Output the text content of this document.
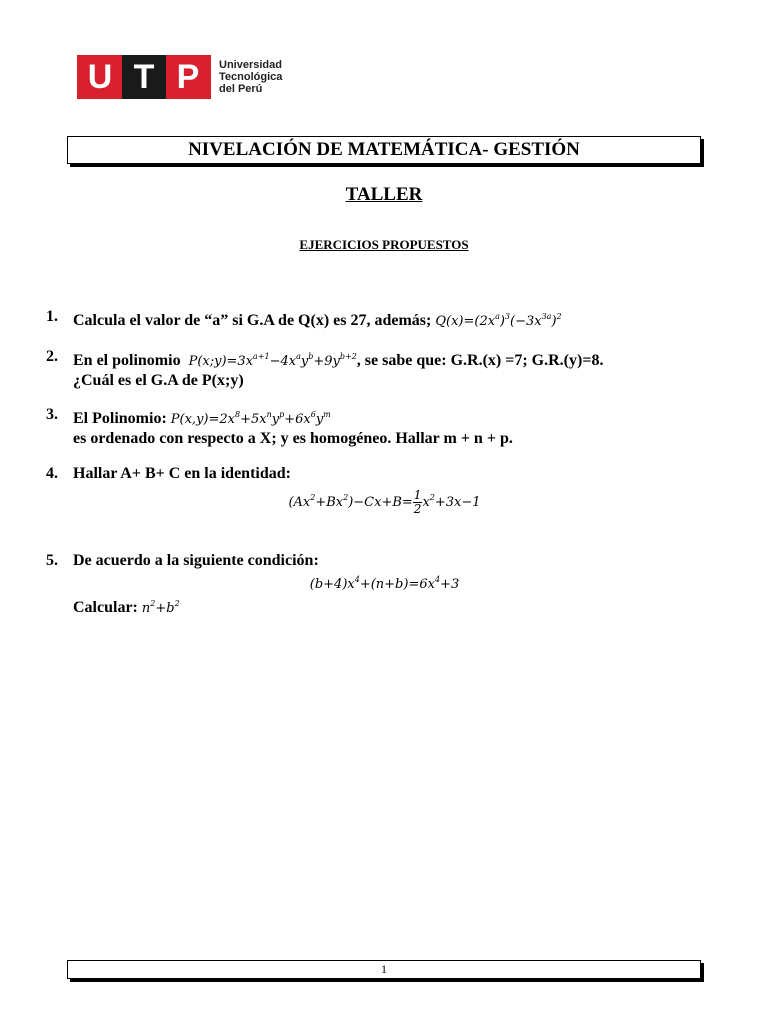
U T P	Universidad
Tecnológica
del Perú
NIVELACIÓN DE MATEMÁTICA- GESTIÓN
TALLER
EJERCICIOS PROPUESTOS
1. Calcula el valor de “a” si G.A de Q(x) es 27, además; $Q(x)=(2x^a)^3(-3x^{3a})^2$
2. En el polinomio $P(x;y)=3x^{a+1}-4x^ay^b+9y^{b+2}$, se sabe que: G.R.(x) =7; G.R.(y)=8.
¿Cuál es el G.A de P(x;y)
3. El Polinomio: $P(x,y)=2x^8+5x^ny^p+6x^6y^m$
es ordenado con respecto a X; y es homogéneo. Hallar m + n + p.
4. Hallar A+ B+ C en la identidad:
$(Ax^2+Bx^2)-Cx+B= \frac{1}{2} x^2+3x-1$
5. De acuerdo a la siguiente condición:
$(b+4)x^4+(n+b)=6x^4+3$
Calcular: $n^2+b^2$
1
